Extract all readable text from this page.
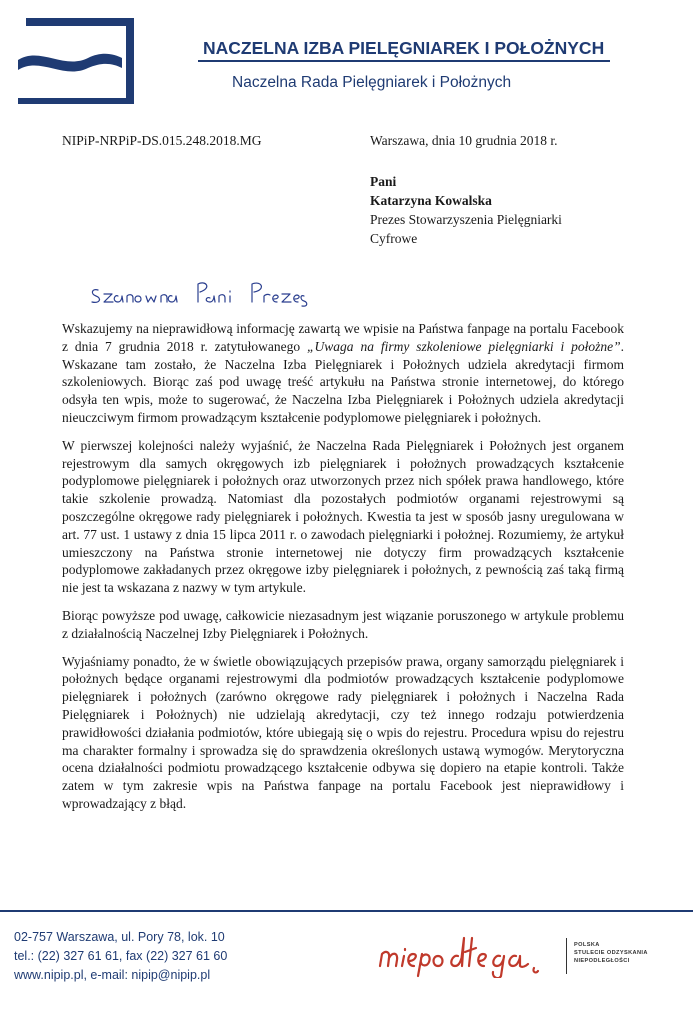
NACZELNA IZBA PIELĘGNIAREK I POŁOŻNYCH
Naczelna Rada Pielęgniarek i Położnych
NIPiP-NRPiP-DS.015.248.2018.MG	Warszawa, dnia 10 grudnia 2018 r.
Pani
Katarzyna Kowalska
Prezes Stowarzyszenia Pielęgniarki
Cyfrowe

Wskazujemy na nieprawidłową informację zawartą we wpisie na Państwa fanpage na portalu Facebook z dnia 7 grudnia 2018 r. zatytułowanego „Uwaga na firmy szkoleniowe pielęgniarki i położne”. Wskazane tam zostało, że Naczelna Izba Pielęgniarek i Położnych udziela akredytacji firmom szkoleniowych. Biorąc zaś pod uwagę treść artykułu na Państwa stronie internetowej, do którego odsyła ten wpis, może to sugerować, że Naczelna Izba Pielęgniarek i Położnych udziela akredytacji nieuczciwym firmom prowadzącym kształcenie podyplomowe pielęgniarek i położnych.

W pierwszej kolejności należy wyjaśnić, że Naczelna Rada Pielęgniarek i Położnych jest organem rejestrowym dla samych okręgowych izb pielęgniarek i położnych prowadzących kształcenie podyplomowe pielęgniarek i położnych oraz utworzonych przez nich spółek prawa handlowego, które takie szkolenie prowadzą. Natomiast dla pozostałych podmiotów organami rejestrowymi są poszczególne okręgowe rady pielęgniarek i położnych. Kwestia ta jest w sposób jasny uregulowana w art. 77 ust. 1 ustawy z dnia 15 lipca 2011 r. o zawodach pielęgniarki i położnej. Rozumiemy, że artykuł umieszczony na Państwa stronie internetowej nie dotyczy firm prowadzących kształcenie podyplomowe zakładanych przez okręgowe izby pielęgniarek i położnych, z pewnością zaś taką firmą nie jest ta wskazana z nazwy w tym artykule.

Biorąc powyższe pod uwagę, całkowicie niezasadnym jest wiązanie poruszonego w artykule problemu z działalnością Naczelnej Izby Pielęgniarek i Położnych.

Wyjaśniamy ponadto, że w świetle obowiązujących przepisów prawa, organy samorządu pielęgniarek i położnych będące organami rejestrowymi dla podmiotów prowadzących kształcenie podyplomowe pielęgniarek i położnych (zarówno okręgowe rady pielęgniarek i położnych i Naczelna Rada Pielęgniarek i Położnych) nie udzielają akredytacji, czy też innego rodzaju potwierdzenia prawidłowości działania podmiotów, które ubiegają się o wpis do rejestru. Procedura wpisu do rejestru ma charakter formalny i sprowadza się do sprawdzenia określonych ustawą wymogów. Merytoryczna ocena działalności podmiotu prowadzącego kształcenie odbywa się dopiero na etapie kontroli. Także zatem w tym zakresie wpis na Państwa fanpage na portalu Facebook jest nieprawidłowy i wprowadzający z błąd.

02-757 Warszawa, ul. Pory 78, lok. 10
tel.: (22) 327 61 61, fax (22) 327 61 60
www.nipip.pl, e-mail: nipip@nipip.pl
POLSKA
STULECIE ODZYSKANIA
NIEPODLEGŁOŚCI
